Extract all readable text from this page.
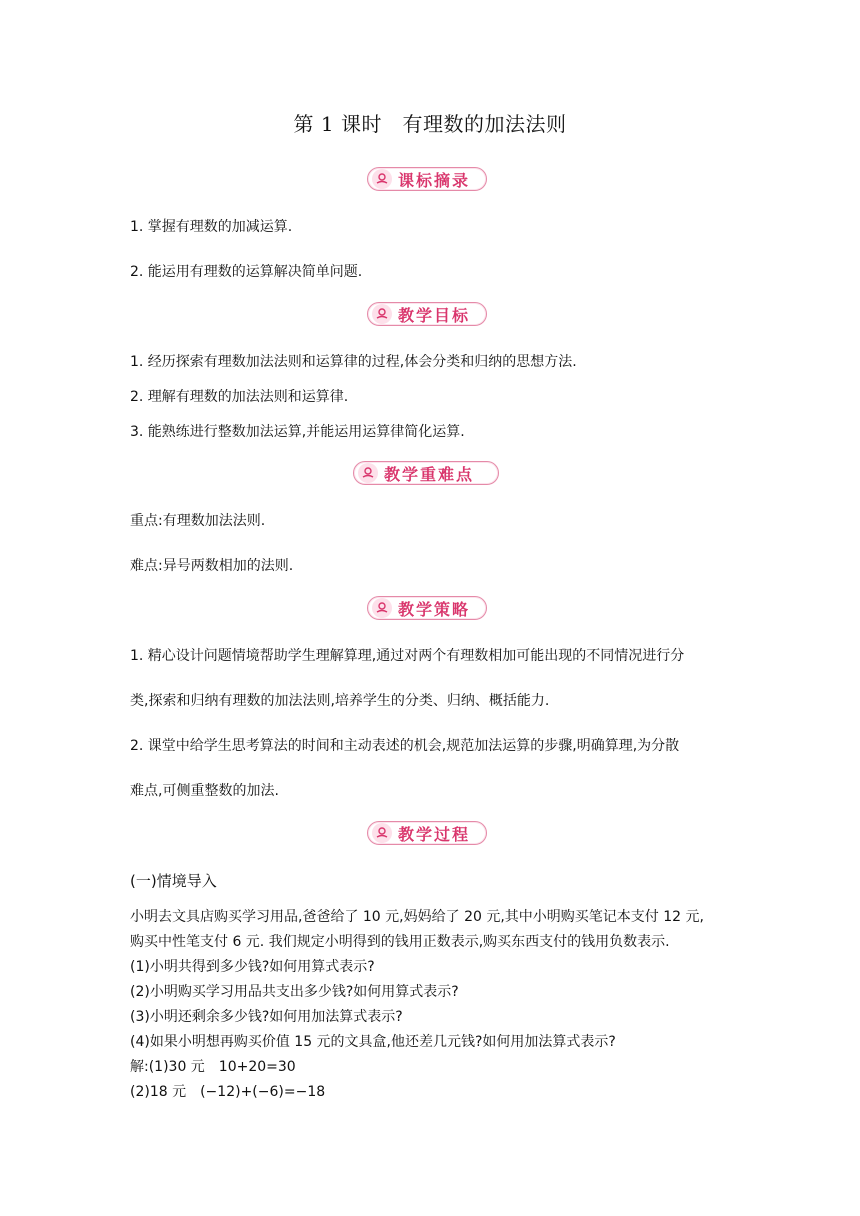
第 1 课时　有理数的加法法则
课标摘录
1. 掌握有理数的加减运算.
2. 能运用有理数的运算解决简单问题.
教学目标
1. 经历探索有理数加法法则和运算律的过程,体会分类和归纳的思想方法.
2. 理解有理数的加法法则和运算律.
3. 能熟练进行整数加法运算,并能运用运算律简化运算.
教学重难点
重点:有理数加法法则.
难点:异号两数相加的法则.
教学策略
1. 精心设计问题情境帮助学生理解算理,通过对两个有理数相加可能出现的不同情况进行分
类,探索和归纳有理数的加法法则,培养学生的分类、归纳、概括能力.
2. 课堂中给学生思考算法的时间和主动表述的机会,规范加法运算的步骤,明确算理,为分散
难点,可侧重整数的加法.
教学过程
(一)情境导入
小明去文具店购买学习用品,爸爸给了 10 元,妈妈给了 20 元,其中小明购买笔记本支付 12 元,
购买中性笔支付 6 元. 我们规定小明得到的钱用正数表示,购买东西支付的钱用负数表示.
(1)小明共得到多少钱?如何用算式表示?
(2)小明购买学习用品共支出多少钱?如何用算式表示?
(3)小明还剩余多少钱?如何用加法算式表示?
(4)如果小明想再购买价值 15 元的文具盒,他还差几元钱?如何用加法算式表示?
解:(1)30 元　10+20=30
(2)18 元　(−12)+(−6)=−18
